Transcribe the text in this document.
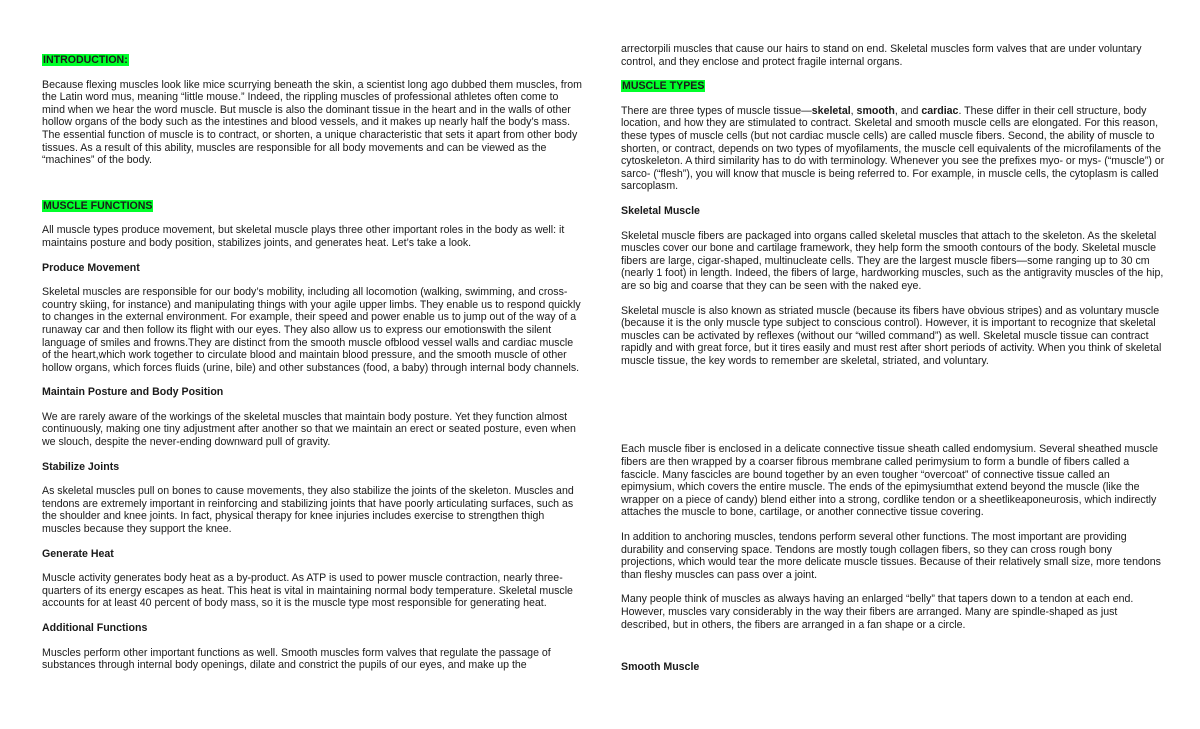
INTRODUCTION:

Because flexing muscles look like mice scurrying beneath the skin, a scientist long ago dubbed them muscles, from the Latin word mus, meaning “little mouse.” Indeed, the rippling muscles of professional athletes often come to mind when we hear the word muscle. But muscle is also the dominant tissue in the heart and in the walls of other hollow organs of the body such as the intestines and blood vessels, and it makes up nearly half the body’s mass. The essential function of muscle is to contract, or shorten, a unique characteristic that sets it apart from other body tissues. As a result of this ability, muscles are responsible for all body movements and can be viewed as the “machines” of the body.

MUSCLE FUNCTIONS

All muscle types produce movement, but skeletal muscle plays three other important roles in the body as well: it maintains posture and body position, stabilizes joints, and generates heat. Let’s take a look.

Produce Movement

Skeletal muscles are responsible for our body’s mobility, including all locomotion (walking, swimming, and cross-country skiing, for instance) and manipulating things with your agile upper limbs. They enable us to respond quickly to changes in the external environment. For example, their speed and power enable us to jump out of the way of a runaway car and then follow its flight with our eyes. They also allow us to express our emotionswith the silent language of smiles and frowns.They are distinct from the smooth muscle ofblood vessel walls and cardiac muscle of the heart,which work together to circulate blood and maintain blood pressure, and the smooth muscle of other hollow organs, which forces fluids (urine, bile) and other substances (food, a baby) through internal body channels.

Maintain Posture and Body Position

We are rarely aware of the workings of the skeletal muscles that maintain body posture. Yet they function almost continuously, making one tiny adjustment after another so that we maintain an erect or seated posture, even when we slouch, despite the never-ending downward pull of gravity.

Stabilize Joints

As skeletal muscles pull on bones to cause movements, they also stabilize the joints of the skeleton. Muscles and tendons are extremely important in reinforcing and stabilizing joints that have poorly articulating surfaces, such as the shoulder and knee joints. In fact, physical therapy for knee injuries includes exercise to strengthen thigh muscles because they support the knee.

Generate Heat

Muscle activity generates body heat as a by-product. As ATP is used to power muscle contraction, nearly three-quarters of its energy escapes as heat. This heat is vital in maintaining normal body temperature. Skeletal muscle accounts for at least 40 percent of body mass, so it is the muscle type most responsible for generating heat.

Additional Functions

Muscles perform other important functions as well. Smooth muscles form valves that regulate the passage of substances through internal body openings, dilate and constrict the pupils of our eyes, and make up the

arrectorpili muscles that cause our hairs to stand on end. Skeletal muscles form valves that are under voluntary control, and they enclose and protect fragile internal organs.

MUSCLE TYPES

There are three types of muscle tissue—skeletal, smooth, and cardiac. These differ in their cell structure, body location, and how they are stimulated to contract. Skeletal and smooth muscle cells are elongated. For this reason, these types of muscle cells (but not cardiac muscle cells) are called muscle fibers. Second, the ability of muscle to shorten, or contract, depends on two types of myofilaments, the muscle cell equivalents of the microfilaments of the cytoskeleton. A third similarity has to do with terminology. Whenever you see the prefixes myo- or mys- (“muscle”) or sarco- (“flesh”), you will know that muscle is being referred to. For example, in muscle cells, the cytoplasm is called sarcoplasm.

Skeletal Muscle

Skeletal muscle fibers are packaged into organs called skeletal muscles that attach to the skeleton. As the skeletal muscles cover our bone and cartilage framework, they help form the smooth contours of the body. Skeletal muscle fibers are large, cigar-shaped, multinucleate cells. They are the largest muscle fibers—some ranging up to 30 cm (nearly 1 foot) in length. Indeed, the fibers of large, hardworking muscles, such as the antigravity muscles of the hip, are so big and coarse that they can be seen with the naked eye.

Skeletal muscle is also known as striated muscle (because its fibers have obvious stripes) and as voluntary muscle (because it is the only muscle type subject to conscious control). However, it is important to recognize that skeletal muscles can be activated by reflexes (without our “willed command”) as well. Skeletal muscle tissue can contract rapidly and with great force, but it tires easily and must rest after short periods of activity. When you think of skeletal muscle tissue, the key words to remember are skeletal, striated, and voluntary.

Each muscle fiber is enclosed in a delicate connective tissue sheath called endomysium. Several sheathed muscle fibers are then wrapped by a coarser fibrous membrane called perimysium to form a bundle of fibers called a fascicle. Many fascicles are bound together by an even tougher “overcoat” of connective tissue called an epimysium, which covers the entire muscle. The ends of the epimysiumthat extend beyond the muscle (like the wrapper on a piece of candy) blend either into a strong, cordlike tendon or a sheetlikeaponeurosis, which indirectly attaches the muscle to bone, cartilage, or another connective tissue covering.

In addition to anchoring muscles, tendons perform several other functions. The most important are providing durability and conserving space. Tendons are mostly tough collagen fibers, so they can cross rough bony projections, which would tear the more delicate muscle tissues. Because of their relatively small size, more tendons than fleshy muscles can pass over a joint.

Many people think of muscles as always having an enlarged “belly” that tapers down to a tendon at each end. However, muscles vary considerably in the way their fibers are arranged. Many are spindle-shaped as just described, but in others, the fibers are arranged in a fan shape or a circle.

Smooth Muscle
